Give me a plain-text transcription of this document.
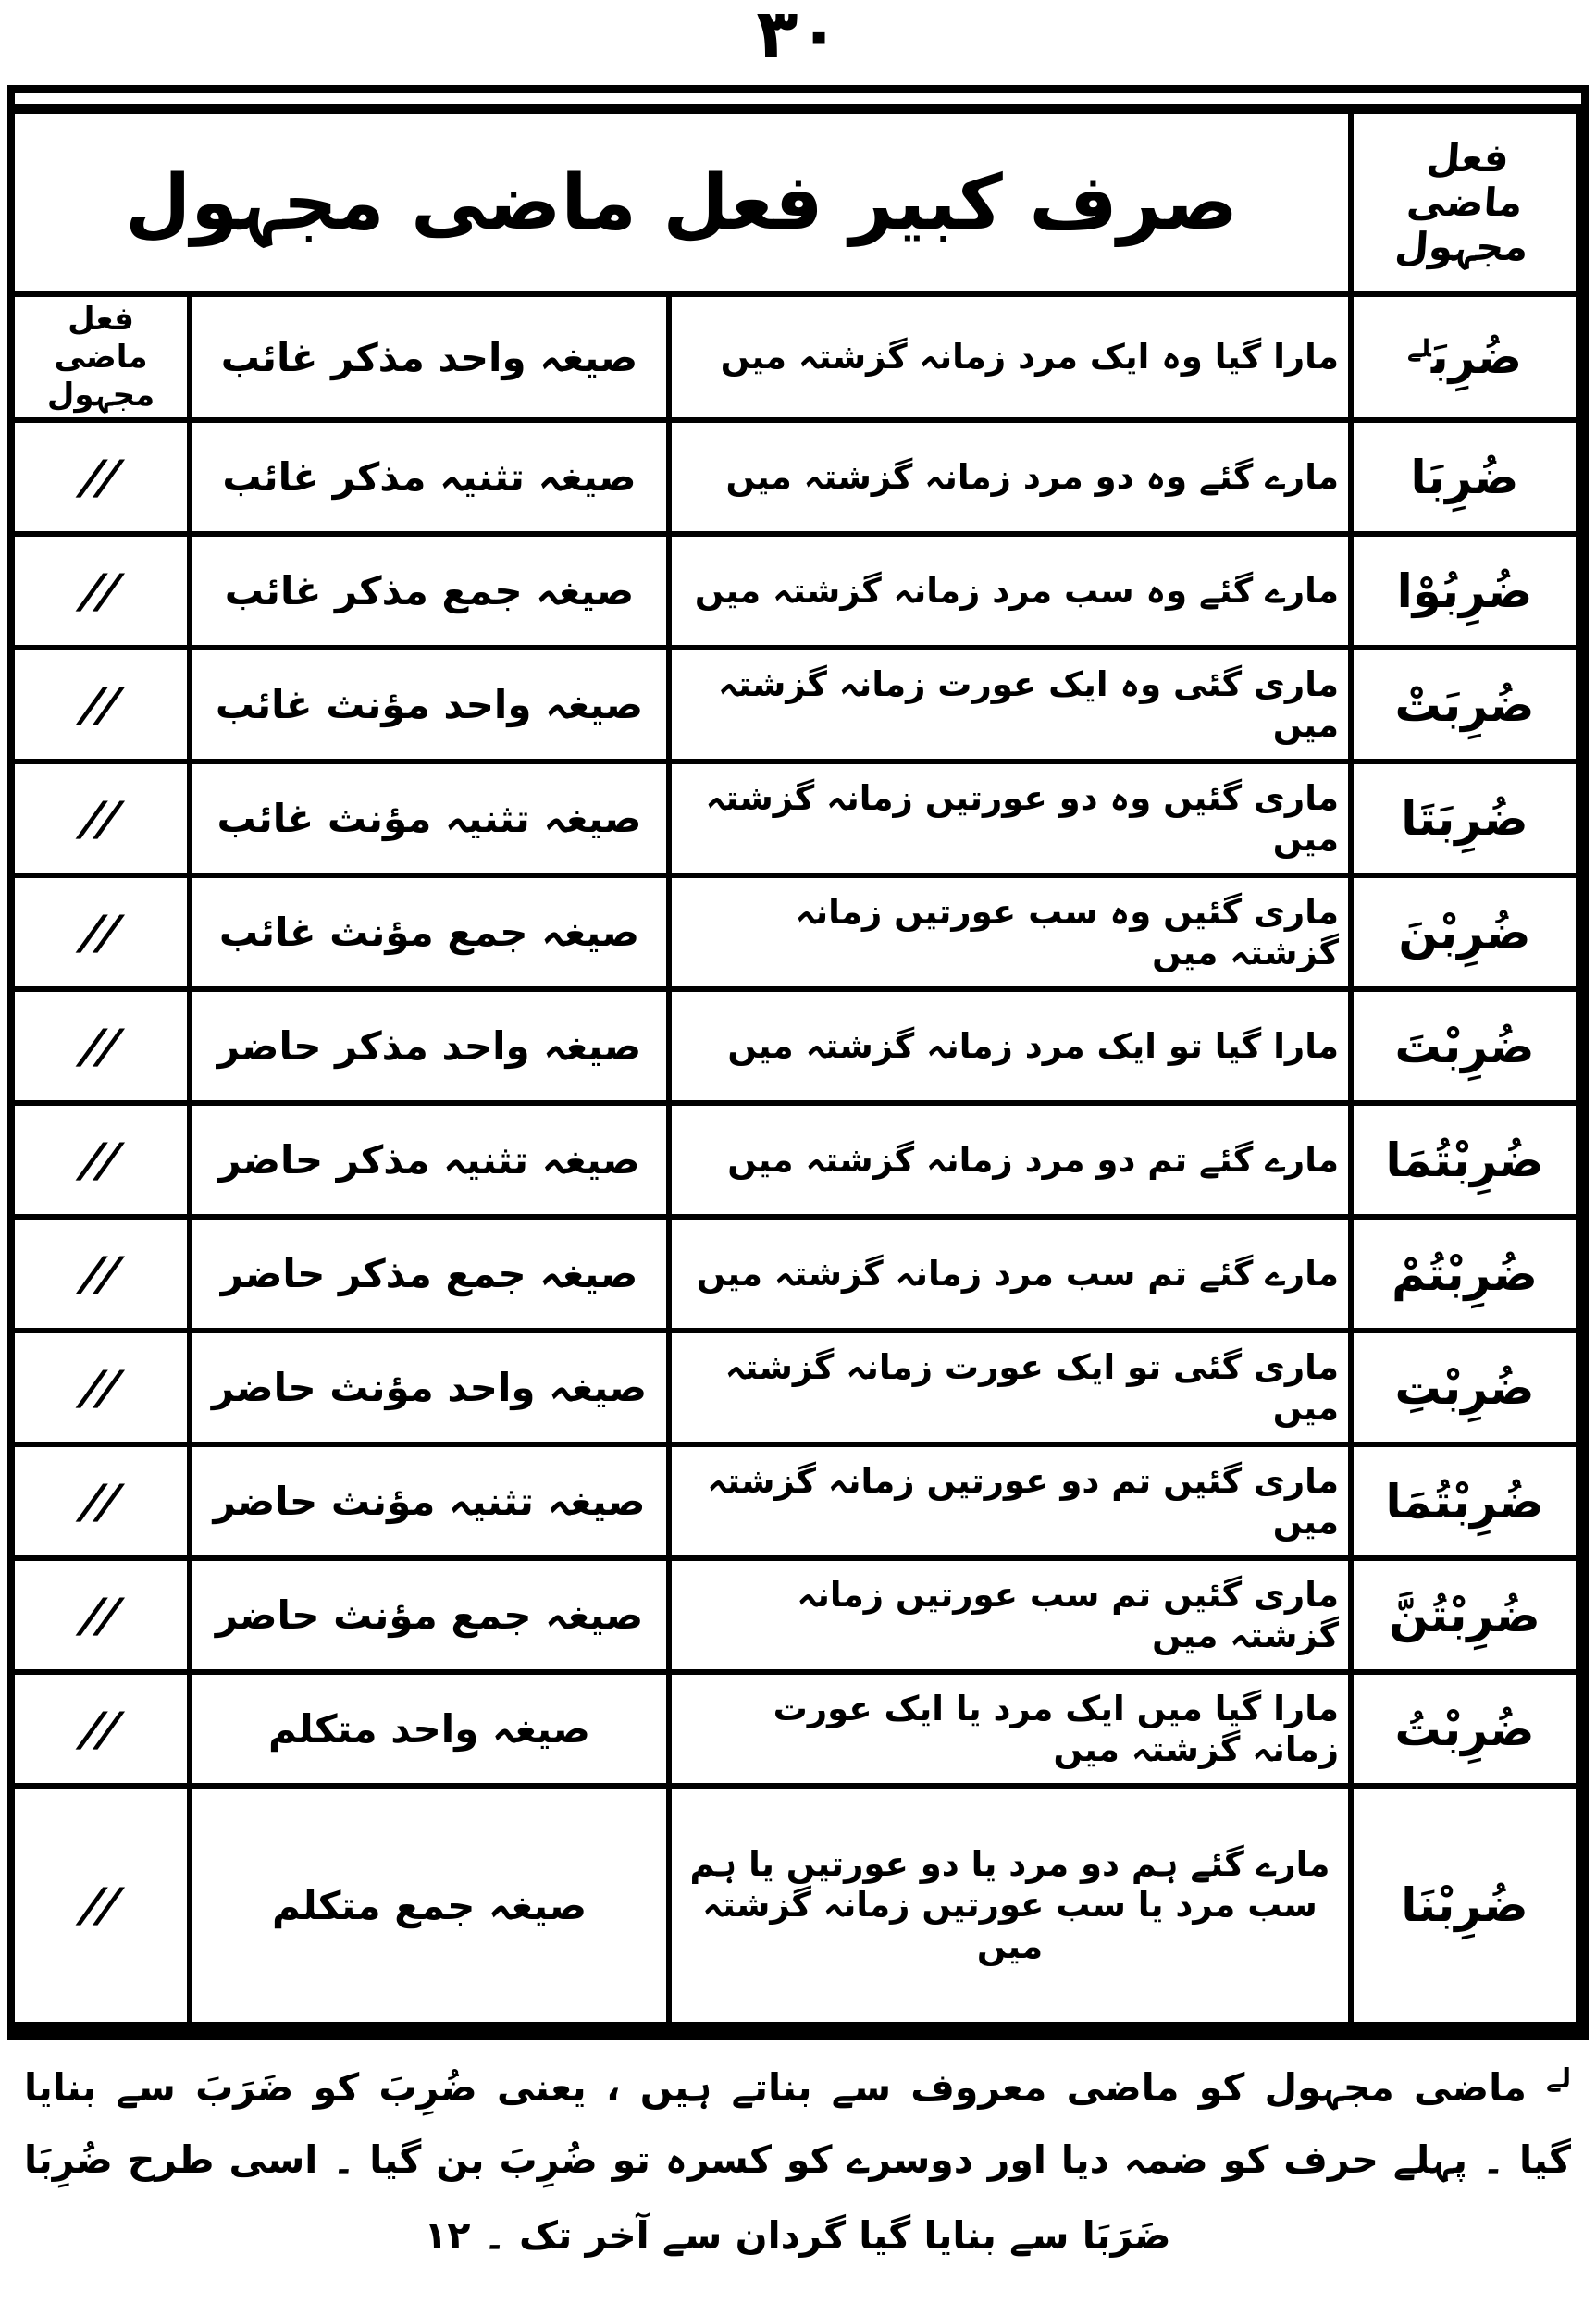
۳۰
فعل ماضی مجہول	صرف کبیر فعل ماضی مجہول		
ضُرِبَ$^{لے}$	مارا گیا وہ ایک مرد زمانہ گزشتہ میں	صیغہ واحد مذکر غائب	فعل ماضی مجہول
ضُرِبَا	مارے گئے وہ دو مرد زمانہ گزشتہ میں	صیغہ تثنیہ مذکر غائب	//
ضُرِبُوْا	مارے گئے وہ سب مرد زمانہ گزشتہ میں	صیغہ جمع مذکر غائب	//
ضُرِبَتْ	ماری گئی وہ ایک عورت زمانہ گزشتہ میں	صیغہ واحد مؤنث غائب	//
ضُرِبَتَا	ماری گئیں وہ دو عورتیں زمانہ گزشتہ میں	صیغہ تثنیہ مؤنث غائب	//
ضُرِبْنَ	ماری گئیں وہ سب عورتیں زمانہ گزشتہ میں	صیغہ جمع مؤنث غائب	//
ضُرِبْتَ	مارا گیا تو ایک مرد زمانہ گزشتہ میں	صیغہ واحد مذکر حاضر	//
ضُرِبْتُمَا	مارے گئے تم دو مرد زمانہ گزشتہ میں	صیغہ تثنیہ مذکر حاضر	//
ضُرِبْتُمْ	مارے گئے تم سب مرد زمانہ گزشتہ میں	صیغہ جمع مذکر حاضر	//
ضُرِبْتِ	ماری گئی تو ایک عورت زمانہ گزشتہ میں	صیغہ واحد مؤنث حاضر	//
ضُرِبْتُمَا	ماری گئیں تم دو عورتیں زمانہ گزشتہ میں	صیغہ تثنیہ مؤنث حاضر	//
ضُرِبْتُنَّ	ماری گئیں تم سب عورتیں زمانہ گزشتہ میں	صیغہ جمع مؤنث حاضر	//
ضُرِبْتُ	مارا گیا میں ایک مرد یا ایک عورت زمانہ گزشتہ میں	صیغہ واحد متکلم	//
ضُرِبْنَا	مارے گئے ہم دو مرد یا دو عورتیں یا ہم سب مرد یا سب عورتیں زمانہ گزشتہ میں	صیغہ جمع متکلم	//
$^{لے}$ ماضی مجہول کو ماضی معروف سے بناتے ہیں ، یعنی ضُرِبَ کو ضَرَبَ سے بنایا
گیا ۔ پہلے حرف کو ضمہ دیا اور دوسرے کو کسرہ تو ضُرِبَ بن گیا ۔ اسی طرح ضُرِبَا
ضَرَبَا سے بنایا گیا گردان سے آخر تک ۔ ۱۲
